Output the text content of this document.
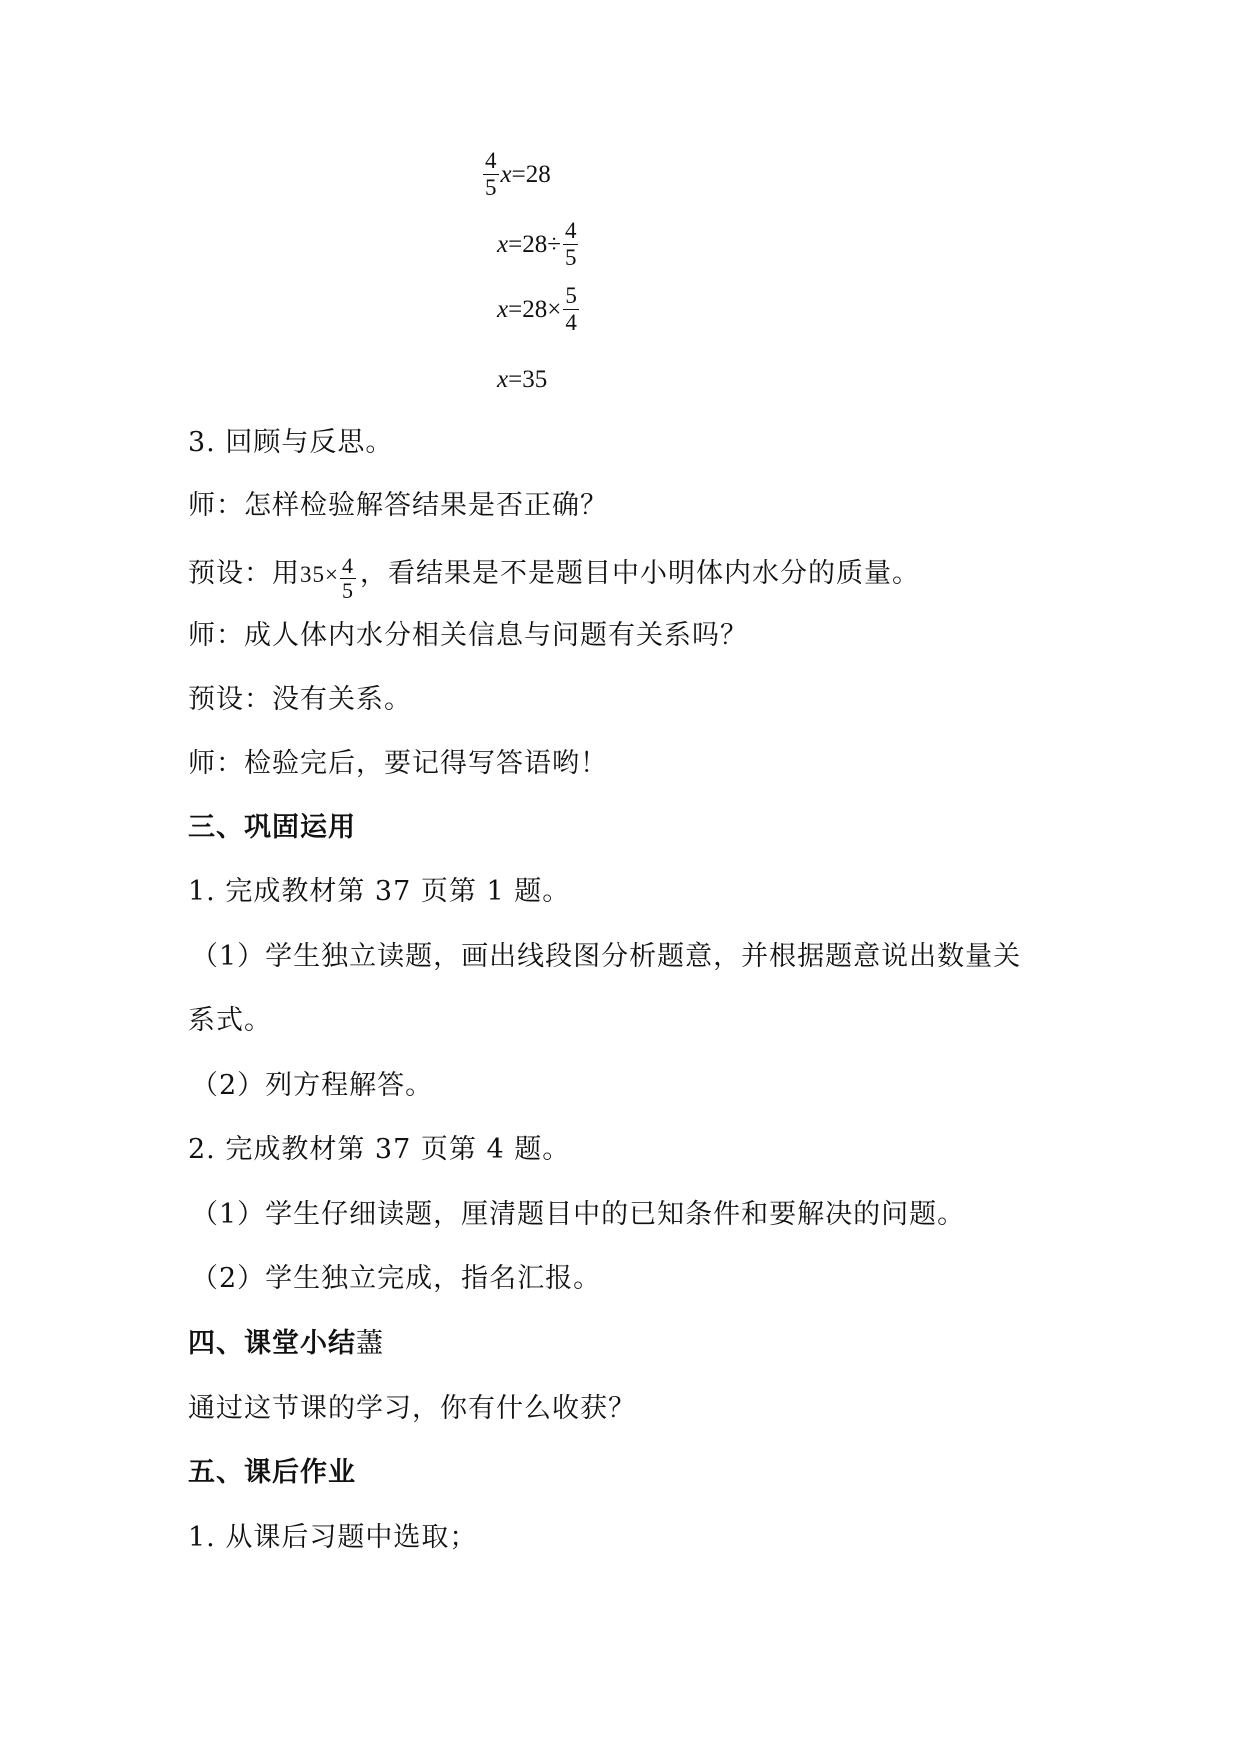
$\frac{4}{5}$ x =28
$x =28\div \frac{4}{5}$
$x =28\times \frac{5}{4}$
x =35
3. 回顾与反思。
师：怎样检验解答结果是否正确？
预设：用$35\times \frac{4}{5}$ ，看结果是不是题目中小明体内水分的质量。
师：成人体内水分相关信息与问题有关系吗？
预设：没有关系。
师：检验完后，要记得写答语哟！
三、巩固运用
1. 完成教材第 37 页第 1 题。
（1）学生独立读题，画出线段图分析题意，并根据题意说出数量关
系式。
（2）列方程解答。
2. 完成教材第 37 页第 4 题。
（1）学生仔细读题，厘清题目中的已知条件和要解决的问题。
（2）学生独立完成，指名汇报。
四、课堂小结藎
通过这节课的学习，你有什么收获？
五、课后作业
1. 从课后习题中选取；
